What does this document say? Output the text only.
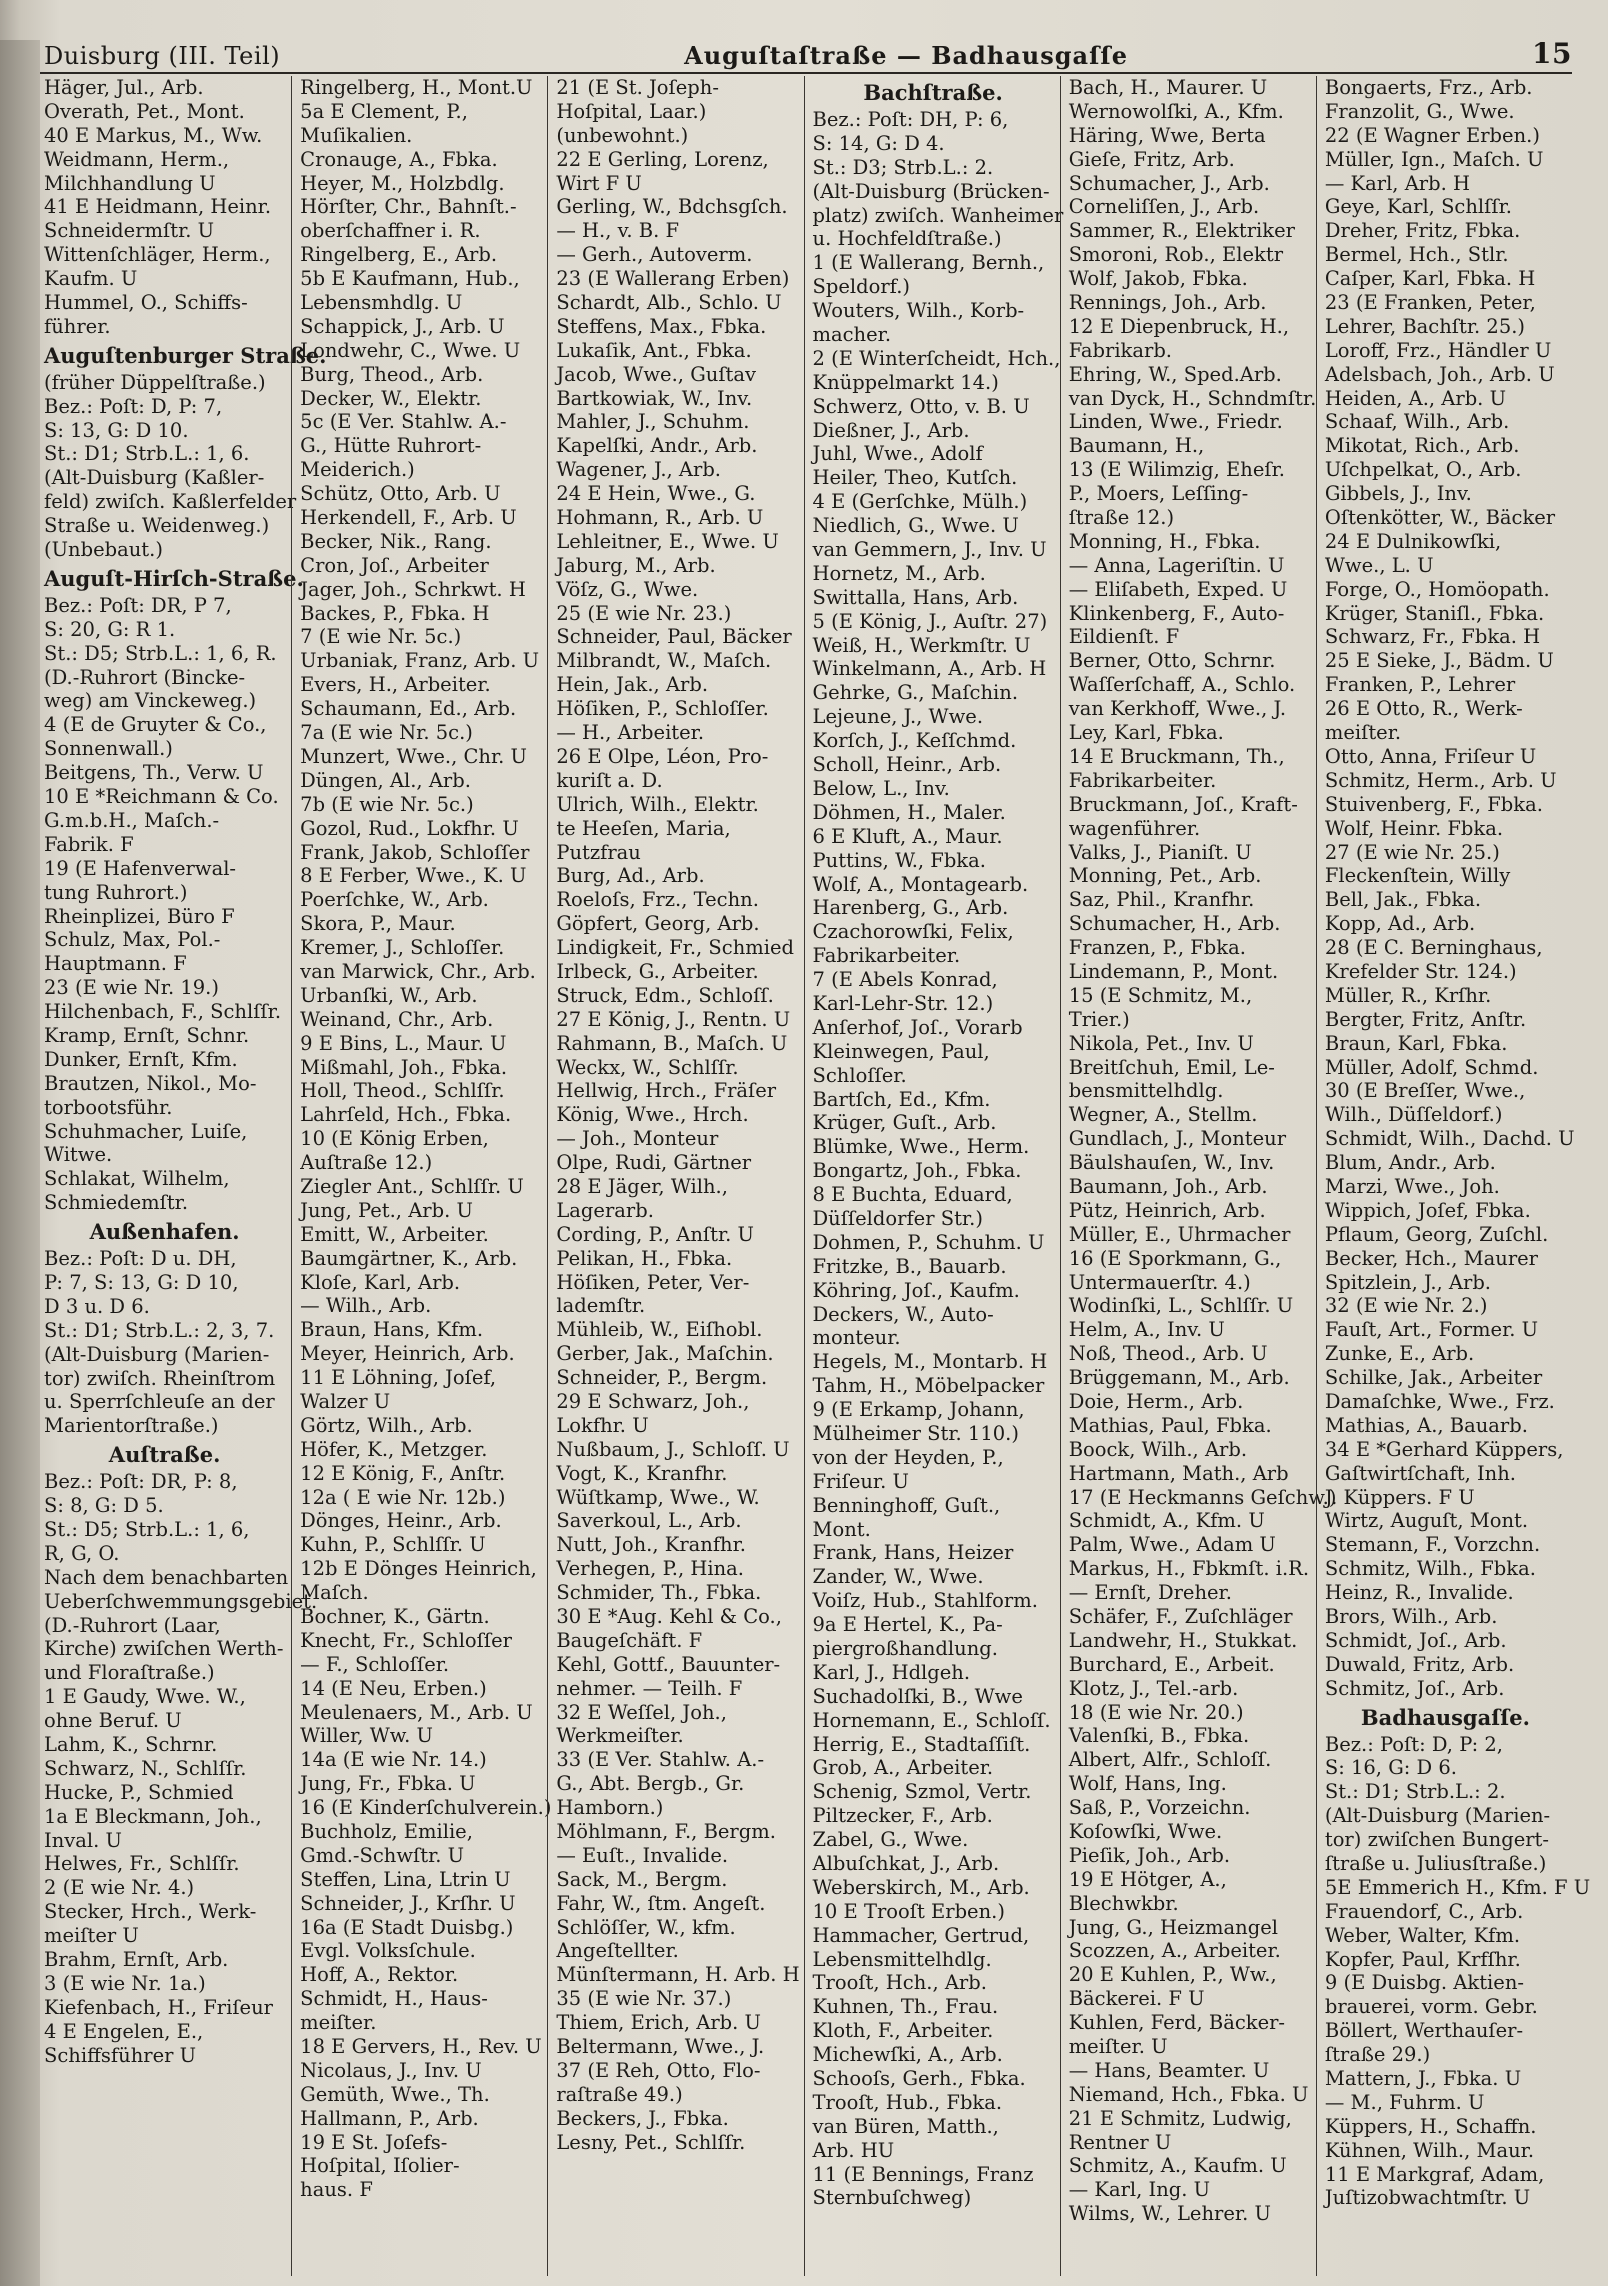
Duisburg (III. Teil)	Auguſtaſtraße — Badhausgaſſe	15
Häger, Jul., Arb.
Overath, Pet., Mont.
40 E Markus, M., Ww.
Weidmann, Herm.,
Milchhandlung U
41 E Heidmann, Heinr.
Schneidermſtr. U
Wittenſchläger, Herm.,
Kaufm. U
Hummel, O., Schiffs-
führer.
Auguſtenburger Straße.
(früher Düppelſtraße.)
Bez.: Poſt: D, P: 7,
S: 13, G: D 10.
St.: D1; Strb.L.: 1, 6.
(Alt-Duisburg (Kaßler-
feld) zwiſch. Kaßlerfelder
Straße u. Weidenweg.)
(Unbebaut.)
Auguſt-Hirſch-Straße.
Bez.: Poſt: DR, P 7,
S: 20, G: R 1.
St.: D5; Strb.L.: 1, 6, R.
(D.-Ruhrort (Bincke-
weg) am Vinckeweg.)
4 (E de Gruyter & Co.,
Sonnenwall.)
Beitgens, Th., Verw. U
10 E *Reichmann & Co.
G.m.b.H., Maſch.-
Fabrik. F
19 (E Hafenverwal-
tung Ruhrort.)
Rheinplizei, Büro F
Schulz, Max, Pol.-
Hauptmann. F
23 (E wie Nr. 19.)
Hilchenbach, F., Schlſſr.
Kramp, Ernſt, Schnr.
Dunker, Ernſt, Kfm.
Brautzen, Nikol., Mo-
torbootsführ.
Schuhmacher, Luiſe,
Witwe.
Schlakat, Wilhelm,
Schmiedemſtr.
Außenhafen.
Bez.: Poſt: D u. DH,
P: 7, S: 13, G: D 10,
D 3 u. D 6.
St.: D1; Strb.L.: 2, 3, 7.
(Alt-Duisburg (Marien-
tor) zwiſch. Rheinſtrom
u. Sperrſchleuſe an der
Marientorſtraße.)
Auſtraße.
Bez.: Poſt: DR, P: 8,
S: 8, G: D 5.
St.: D5; Strb.L.: 1, 6,
R, G, O.
Nach dem benachbarten
Ueberſchwemmungsgebiet.
(D.-Ruhrort (Laar,
Kirche) zwiſchen Werth-
und Floraſtraße.)
1 E Gaudy, Wwe. W.,
ohne Beruf. U
Lahm, K., Schrnr.
Schwarz, N., Schlſſr.
Hucke, P., Schmied
1a E Bleckmann, Joh.,
Inval. U
Helwes, Fr., Schlſſr.
2 (E wie Nr. 4.)
Stecker, Hrch., Werk-
meiſter U
Brahm, Ernſt, Arb.
3 (E wie Nr. 1a.)
Kiefenbach, H., Friſeur
4 E Engelen, E.,
Schiffsführer U
Ringelberg, H., Mont.U
5a E Clement, P.,
Muſikalien.
Cronauge, A., Fbka.
Heyer, M., Holzbdlg.
Hörſter, Chr., Bahnſt.-
oberſchaffner i. R.
Ringelberg, E., Arb.
5b E Kaufmann, Hub.,
Lebensmhdlg. U
Schappick, J., Arb. U
Londwehr, C., Wwe. U
Burg, Theod., Arb.
Decker, W., Elektr.
5c (E Ver. Stahlw. A.-
G., Hütte Ruhrort-
Meiderich.)
Schütz, Otto, Arb. U
Herkendell, F., Arb. U
Becker, Nik., Rang.
Cron, Joſ., Arbeiter
Jager, Joh., Schrkwt. H
Backes, P., Fbka. H
7 (E wie Nr. 5c.)
Urbaniak, Franz, Arb. U
Evers, H., Arbeiter.
Schaumann, Ed., Arb.
7a (E wie Nr. 5c.)
Munzert, Wwe., Chr. U
Düngen, Al., Arb.
7b (E wie Nr. 5c.)
Gozol, Rud., Lokfhr. U
Frank, Jakob, Schloſſer
8 E Ferber, Wwe., K. U
Poerſchke, W., Arb.
Skora, P., Maur.
Kremer, J., Schloſſer.
van Marwick, Chr., Arb.
Urbanſki, W., Arb.
Weinand, Chr., Arb.
9 E Bins, L., Maur. U
Mißmahl, Joh., Fbka.
Holl, Theod., Schlſſr.
Lahrſeld, Hch., Fbka.
10 (E König Erben,
Auſtraße 12.)
Ziegler Ant., Schlſſr. U
Jung, Pet., Arb. U
Emitt, W., Arbeiter.
Baumgärtner, K., Arb.
Kloſe, Karl, Arb.
— Wilh., Arb.
Braun, Hans, Kfm.
Meyer, Heinrich, Arb.
11 E Löhning, Joſef,
Walzer U
Görtz, Wilh., Arb.
Höfer, K., Metzger.
12 E König, F., Anſtr.
12a ( E wie Nr. 12b.)
Dönges, Heinr., Arb.
Kuhn, P., Schlſſr. U
12b E Dönges Heinrich,
Maſch.
Bochner, K., Gärtn.
Knecht, Fr., Schloſſer
— F., Schloſſer.
14 (E Neu, Erben.)
Meulenaers, M., Arb. U
Willer, Ww. U
14a (E wie Nr. 14.)
Jung, Fr., Fbka. U
16 (E Kinderſchulverein.)
Buchholz, Emilie,
Gmd.-Schwſtr. U
Steffen, Lina, Ltrin U
Schneider, J., Krſhr. U
16a (E Stadt Duisbg.)
Evgl. Volksſchule.
Hoff, A., Rektor.
Schmidt, H., Haus-
meiſter.
18 E Gervers, H., Rev. U
Nicolaus, J., Inv. U
Gemüth, Wwe., Th.
Hallmann, P., Arb.
19 E St. Joſefs-
Hoſpital, Iſolier-
haus. F
21 (E St. Joſeph-
Hoſpital, Laar.)
(unbewohnt.)
22 E Gerling, Lorenz,
Wirt F U
Gerling, W., Bdchsgſch.
— H., v. B. F
— Gerh., Autoverm.
23 (E Wallerang Erben)
Schardt, Alb., Schlo. U
Steffens, Max., Fbka.
Lukaſik, Ant., Fbka.
Jacob, Wwe., Guſtav
Bartkowiak, W., Inv.
Mahler, J., Schuhm.
Kapelſki, Andr., Arb.
Wagener, J., Arb.
24 E Hein, Wwe., G.
Hohmann, R., Arb. U
Lehleitner, E., Wwe. U
Jaburg, M., Arb.
Vöſz, G., Wwe.
25 (E wie Nr. 23.)
Schneider, Paul, Bäcker
Milbrandt, W., Maſch.
Hein, Jak., Arb.
Höſiken, P., Schloſſer.
— H., Arbeiter.
26 E Olpe, Léon, Pro-
kuriſt a. D.
Ulrich, Wilh., Elektr.
te Heeſen, Maria,
Putzfrau
Burg, Ad., Arb.
Roeloſs, Frz., Techn.
Göpfert, Georg, Arb.
Lindigkeit, Fr., Schmied
Irlbeck, G., Arbeiter.
Struck, Edm., Schloſſ.
27 E König, J., Rentn. U
Rahmann, B., Maſch. U
Weckx, W., Schlſſr.
Hellwig, Hrch., Fräſer
König, Wwe., Hrch.
— Joh., Monteur
Olpe, Rudi, Gärtner
28 E Jäger, Wilh.,
Lagerarb.
Cording, P., Anſtr. U
Pelikan, H., Fbka.
Höſiken, Peter, Ver-
lademſtr.
Mühleib, W., Eiſhobl.
Gerber, Jak., Maſchin.
Schneider, P., Bergm.
29 E Schwarz, Joh.,
Lokfhr. U
Nußbaum, J., Schloſſ. U
Vogt, K., Kranfhr.
Wüſtkamp, Wwe., W.
Saverkoul, L., Arb.
Nutt, Joh., Kranfhr.
Verhegen, P., Hina.
Schmider, Th., Fbka.
30 E *Aug. Kehl & Co.,
Baugeſchäft. F
Kehl, Gottf., Bauunter-
nehmer. — Teilh. F
32 E Weſſel, Joh.,
Werkmeiſter.
33 (E Ver. Stahlw. A.-
G., Abt. Bergb., Gr.
Hamborn.)
Möhlmann, F., Bergm.
— Euſt., Invalide.
Sack, M., Bergm.
Fahr, W., ſtm. Angeſt.
Schlöſſer, W., kfm.
Angeſtellter.
Münſtermann, H. Arb. H
35 (E wie Nr. 37.)
Thiem, Erich, Arb. U
Beltermann, Wwe., J.
37 (E Reh, Otto, Flo-
raſtraße 49.)
Beckers, J., Fbka.
Lesny, Pet., Schlſſr.
Bachſtraße.
Bez.: Poſt: DH, P: 6,
S: 14, G: D 4.
St.: D3; Strb.L.: 2.
(Alt-Duisburg (Brücken-
platz) zwiſch. Wanheimer
u. Hochfeldſtraße.)
1 (E Wallerang, Bernh.,
Speldorf.)
Wouters, Wilh., Korb-
macher.
2 (E Winterſcheidt, Hch.,
Knüppelmarkt 14.)
Schwerz, Otto, v. B. U
Dießner, J., Arb.
Juhl, Wwe., Adolf
Heiler, Theo, Kutſch.
4 E (Gerſchke, Mülh.)
Niedlich, G., Wwe. U
van Gemmern, J., Inv. U
Hornetz, M., Arb.
Swittalla, Hans, Arb.
5 (E König, J., Auſtr. 27)
Weiß, H., Werkmſtr. U
Winkelmann, A., Arb. H
Gehrke, G., Maſchin.
Lejeune, J., Wwe.
Korſch, J., Keſſchmd.
Scholl, Heinr., Arb.
Below, L., Inv.
Döhmen, H., Maler.
6 E Kluft, A., Maur.
Puttins, W., Fbka.
Wolf, A., Montagearb.
Harenberg, G., Arb.
Czachorowſki, Felix,
Fabrikarbeiter.
7 (E Abels Konrad,
Karl-Lehr-Str. 12.)
Anſerhof, Joſ., Vorarb
Kleinwegen, Paul,
Schloſſer.
Bartſch, Ed., Kfm.
Krüger, Guſt., Arb.
Blümke, Wwe., Herm.
Bongartz, Joh., Fbka.
8 E Buchta, Eduard,
Düſſeldorfer Str.)
Dohmen, P., Schuhm. U
Fritzke, B., Bauarb.
Köhring, Joſ., Kaufm.
Deckers, W., Auto-
monteur.
Hegels, M., Montarb. H
Tahm, H., Möbelpacker
9 (E Erkamp, Johann,
Mülheimer Str. 110.)
von der Heyden, P.,
Friſeur. U
Benninghoff, Guſt.,
Mont.
Frank, Hans, Heizer
Zander, W., Wwe.
Voiſz, Hub., Stahlform.
9a E Hertel, K., Pa-
piergroßhandlung.
Karl, J., Hdlgeh.
Suchadolſki, B., Wwe
Hornemann, E., Schloſſ.
Herrig, E., Stadtaſſiſt.
Grob, A., Arbeiter.
Schenig, Szmol, Vertr.
Piltzecker, F., Arb.
Zabel, G., Wwe.
Albuſchkat, J., Arb.
Weberskirch, M., Arb.
10 E Trooſt Erben.)
Hammacher, Gertrud,
Lebensmittelhdlg.
Trooſt, Hch., Arb.
Kuhnen, Th., Frau.
Kloth, F., Arbeiter.
Michewſki, A., Arb.
Schooſs, Gerh., Fbka.
Trooſt, Hub., Fbka.
van Büren, Matth.,
Arb. HU
11 (E Bennings, Franz
Sternbuſchweg)
Bach, H., Maurer. U
Wernowolſki, A., Kfm.
Häring, Wwe, Berta
Gieſe, Fritz, Arb.
Schumacher, J., Arb.
Corneliſſen, J., Arb.
Sammer, R., Elektriker
Smoroni, Rob., Elektr
Wolf, Jakob, Fbka.
Rennings, Joh., Arb.
12 E Diepenbruck, H.,
Fabrikarb.
Ehring, W., Sped.Arb.
van Dyck, H., Schndmſtr.
Linden, Wwe., Friedr.
Baumann, H.,
13 (E Wilimzig, Eheſr.
P., Moers, Leſſing-
ſtraße 12.)
Monning, H., Fbka.
— Anna, Lageriſtin. U
— Eliſabeth, Exped. U
Klinkenberg, F., Auto-
Eildienſt. F
Berner, Otto, Schrnr.
Waſſerſchaff, A., Schlo.
van Kerkhoff, Wwe., J.
Ley, Karl, Fbka.
14 E Bruckmann, Th.,
Fabrikarbeiter.
Bruckmann, Joſ., Kraft-
wagenführer.
Valks, J., Pianiſt. U
Monning, Pet., Arb.
Saz, Phil., Kranfhr.
Schumacher, H., Arb.
Franzen, P., Fbka.
Lindemann, P., Mont.
15 (E Schmitz, M.,
Trier.)
Nikola, Pet., Inv. U
Breitſchuh, Emil, Le-
bensmittelhdlg.
Wegner, A., Stellm.
Gundlach, J., Monteur
Bäulshauſen, W., Inv.
Baumann, Joh., Arb.
Pütz, Heinrich, Arb.
Müller, E., Uhrmacher
16 (E Sporkmann, G.,
Untermauerſtr. 4.)
Wodinſki, L., Schlſſr. U
Helm, A., Inv. U
Noß, Theod., Arb. U
Brüggemann, M., Arb.
Doie, Herm., Arb.
Mathias, Paul, Fbka.
Boock, Wilh., Arb.
Hartmann, Math., Arb
17 (E Heckmanns Geſchw.)
Schmidt, A., Kfm. U
Palm, Wwe., Adam U
Markus, H., Fbkmſt. i.R.
— Ernſt, Dreher.
Schäfer, F., Zuſchläger
Landwehr, H., Stukkat.
Burchard, E., Arbeit.
Klotz, J., Tel.-arb.
18 (E wie Nr. 20.)
Valenſki, B., Fbka.
Albert, Alfr., Schloſſ.
Wolf, Hans, Ing.
Saß, P., Vorzeichn.
Koſowſki, Wwe.
Pieſik, Joh., Arb.
19 E Hötger, A.,
Blechwkbr.
Jung, G., Heizmangel
Scozzen, A., Arbeiter.
20 E Kuhlen, P., Ww.,
Bäckerei. F U
Kuhlen, Ferd, Bäcker-
meiſter. U
— Hans, Beamter. U
Niemand, Hch., Fbka. U
21 E Schmitz, Ludwig,
Rentner U
Schmitz, A., Kaufm. U
— Karl, Ing. U
Wilms, W., Lehrer. U
Bongaerts, Frz., Arb.
Franzolit, G., Wwe.
22 (E Wagner Erben.)
Müller, Ign., Maſch. U
— Karl, Arb. H
Geye, Karl, Schlſſr.
Dreher, Fritz, Fbka.
Bermel, Hch., Stlr.
Caſper, Karl, Fbka. H
23 (E Franken, Peter,
Lehrer, Bachſtr. 25.)
Loroff, Frz., Händler U
Adelsbach, Joh., Arb. U
Heiden, A., Arb. U
Schaaf, Wilh., Arb.
Mikotat, Rich., Arb.
Uſchpelkat, O., Arb.
Gibbels, J., Inv.
Oſtenkötter, W., Bäcker
24 E Dulnikowſki,
Wwe., L. U
Forge, O., Homöopath.
Krüger, Staniſl., Fbka.
Schwarz, Fr., Fbka. H
25 E Sieke, J., Bädm. U
Franken, P., Lehrer
26 E Otto, R., Werk-
meiſter.
Otto, Anna, Friſeur U
Schmitz, Herm., Arb. U
Stuivenberg, F., Fbka.
Wolf, Heinr. Fbka.
27 (E wie Nr. 25.)
Fleckenſtein, Willy
Bell, Jak., Fbka.
Kopp, Ad., Arb.
28 (E C. Berninghaus,
Krefelder Str. 124.)
Müller, R., Krſhr.
Bergter, Fritz, Anſtr.
Braun, Karl, Fbka.
Müller, Adolf, Schmd.
30 (E Breſſer, Wwe.,
Wilh., Düſſeldorf.)
Schmidt, Wilh., Dachd. U
Blum, Andr., Arb.
Marzi, Wwe., Joh.
Wippich, Joſef, Fbka.
Pflaum, Georg, Zuſchl.
Becker, Hch., Maurer
Spitzlein, J., Arb.
32 (E wie Nr. 2.)
Fauſt, Art., Former. U
Zunke, E., Arb.
Schilke, Jak., Arbeiter
Damaſchke, Wwe., Frz.
Mathias, A., Bauarb.
34 E *Gerhard Küppers,
Gaſtwirtſchaft, Inh.
J. Küppers. F U
Wirtz, Auguſt, Mont.
Stemann, F., Vorzchn.
Schmitz, Wilh., Fbka.
Heinz, R., Invalide.
Brors, Wilh., Arb.
Schmidt, Joſ., Arb.
Duwald, Fritz, Arb.
Schmitz, Joſ., Arb.
Badhausgaſſe.
Bez.: Poſt: D, P: 2,
S: 16, G: D 6.
St.: D1; Strb.L.: 2.
(Alt-Duisburg (Marien-
tor) zwiſchen Bungert-
ſtraße u. Juliusſtraße.)
5E Emmerich H., Kfm. F U
Frauendorf, C., Arb.
Weber, Walter, Kfm.
Kopfer, Paul, Krfſhr.
9 (E Duisbg. Aktien-
brauerei, vorm. Gebr.
Böllert, Werthauſer-
ſtraße 29.)
Mattern, J., Fbka. U
— M., Fuhrm. U
Küppers, H., Schaffn.
Kühnen, Wilh., Maur.
11 E Markgraf, Adam,
Juſtizobwachtmſtr. U
